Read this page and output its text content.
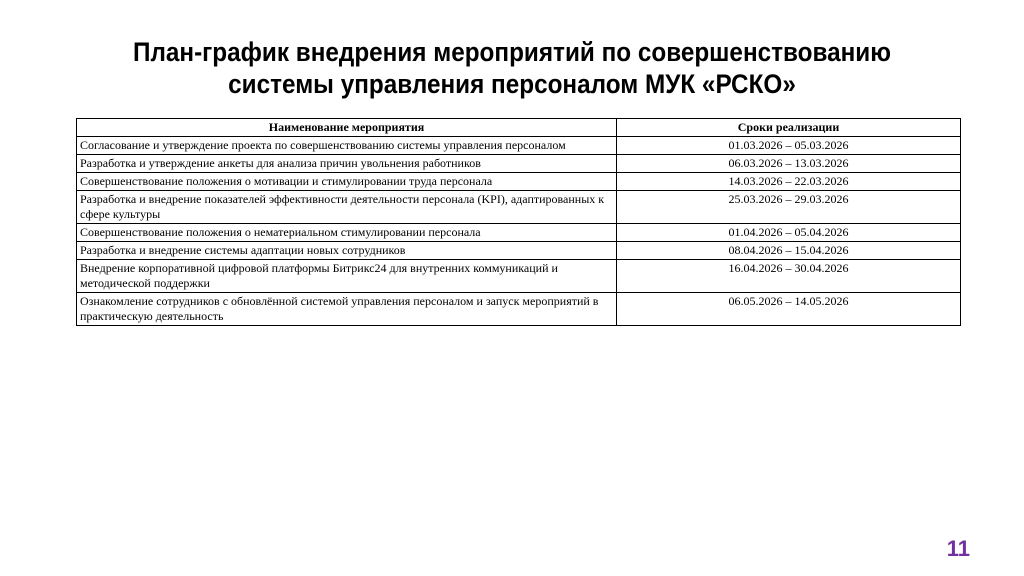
План-график внедрения мероприятий по совершенствованию
системы управления персоналом МУК «РСКО»
Наименование мероприятия	Сроки реализации
Согласование и утверждение проекта по совершенствованию системы управления персоналом	01.03.2026 – 05.03.2026
Разработка и утверждение анкеты для анализа причин увольнения работников	06.03.2026 – 13.03.2026
Совершенствование положения о мотивации и стимулировании труда персонала	14.03.2026 – 22.03.2026
Разработка и внедрение показателей эффективности деятельности персонала (KPI), адаптированных к сфере культуры	25.03.2026 – 29.03.2026
Совершенствование положения о нематериальном стимулировании персонала	01.04.2026 – 05.04.2026
Разработка и внедрение системы адаптации новых сотрудников	08.04.2026 – 15.04.2026
Внедрение корпоративной цифровой платформы Битрикс24 для внутренних коммуникаций и методической поддержки	16.04.2026 – 30.04.2026
Ознакомление сотрудников с обновлённой системой управления персоналом и запуск мероприятий в практическую деятельность	06.05.2026 – 14.05.2026
11
